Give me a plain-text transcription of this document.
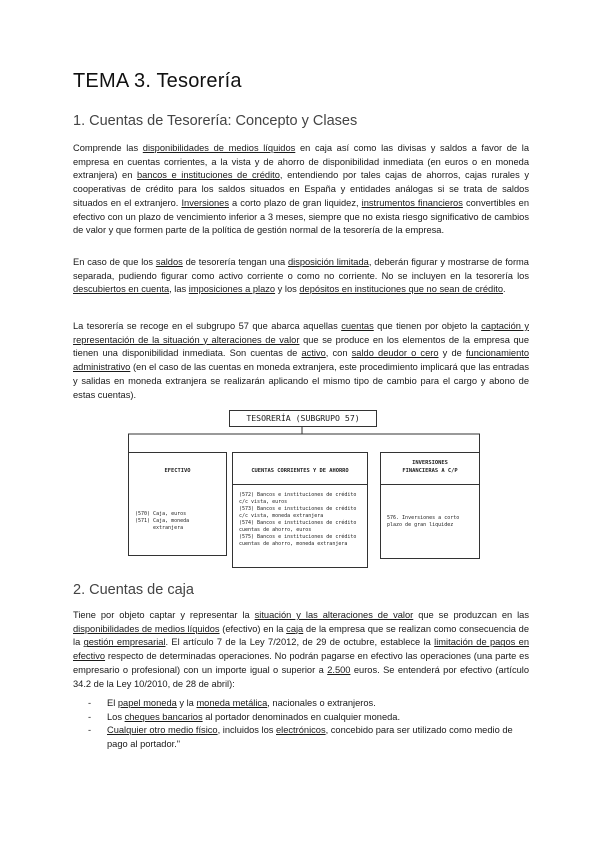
TEMA 3. Tesorería
1. Cuentas de Tesorería: Concepto y Clases

Comprende las disponibilidades de medios líquidos en caja así como las divisas y saldos a favor de la empresa en cuentas corrientes, a la vista y de ahorro de disponibilidad inmediata (en euros o en moneda extranjera) en bancos e instituciones de crédito, entendiendo por tales cajas de ahorros, cajas rurales y cooperativas de crédito para los saldos situados en España y entidades análogas si se trata de saldos situados en el extranjero. Inversiones a corto plazo de gran liquidez, instrumentos financieros convertibles en efectivo con un plazo de vencimiento inferior a 3 meses, siempre que no exista riesgo significativo de cambios de valor y que formen parte de la política de gestión normal de la tesorería de la empresa.

En caso de que los saldos de tesorería tengan una disposición limitada, deberán figurar y mostrarse de forma separada, pudiendo figurar como activo corriente o como no corriente. No se incluyen en la tesorería los descubiertos en cuenta, las imposiciones a plazo y los depósitos en instituciones que no sean de crédito.

La tesorería se recoge en el subgrupo 57 que abarca aquellas cuentas que tienen por objeto la captación y representación de la situación y alteraciones de valor que se produce en los elementos de la empresa que tienen una disponibilidad inmediata. Son cuentas de activo, con saldo deudor o cero y de funcionamiento administrativo (en el caso de las cuentas en moneda extranjera, este procedimiento implicará que las entradas y salidas en moneda extranjera se realizarán aplicando el mismo tipo de cambio para el cargo y abono de estas cuentas).

TESORERÍA (SUBGRUPO 57)
EFECTIVO
(570) Caja, euros
(571) Caja, moneda
extranjera
CUENTAS CORRIENTES Y DE AHORRO
(572) Bancos e instituciones de crédito
c/c vista, euros
(573) Bancos e instituciones de crédito
c/c vista, moneda extranjera
(574) Bancos e instituciones de crédito
cuentas de ahorro, euros
(575) Bancos e instituciones de crédito
cuentas de ahorro, moneda extranjera
INVERSIONES FINANCIERAS A C/P
576. Inversiones a corto
plazo de gran liquidez
2. Cuentas de caja

Tiene por objeto captar y representar la situación y las alteraciones de valor que se produzcan en las disponibilidades de medios líquidos (efectivo) en la caja de la empresa que se realizan como consecuencia de la gestión empresarial. El artículo 7 de la Ley 7/2012, de 29 de octubre, establece la limitación de pagos en efectivo respecto de determinadas operaciones. No podrán pagarse en efectivo las operaciones (una parte es empresario o profesional) con un importe igual o superior a 2.500 euros. Se entenderá por efectivo (artículo 34.2 de la Ley 10/2010, de 28 de abril):

- El papel moneda y la moneda metálica, nacionales o extranjeros.
- Los cheques bancarios al portador denominados en cualquier moneda.
- Cualquier otro medio físico, incluidos los electrónicos, concebido para ser utilizado como medio de pago al portador."
